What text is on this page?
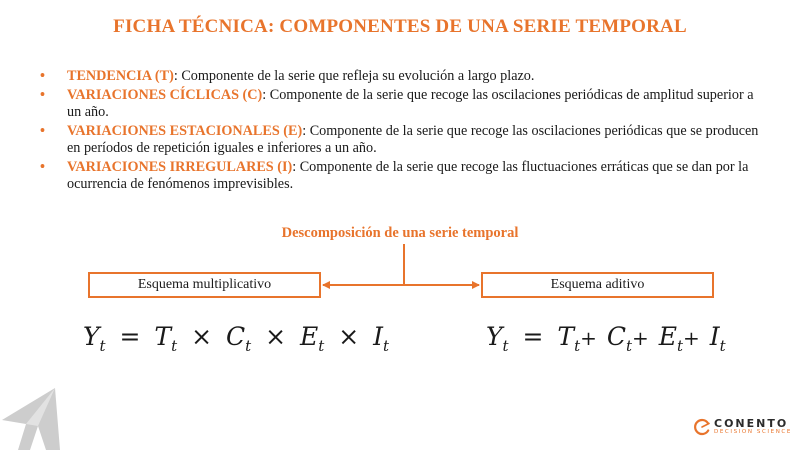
FICHA TÉCNICA: COMPONENTES DE UNA SERIE TEMPORAL
• TENDENCIA (T): Componente de la serie que refleja su evolución a largo plazo.
• VARIACIONES CÍCLICAS (C): Componente de la serie que recoge las oscilaciones periódicas de amplitud superior a un año.
• VARIACIONES ESTACIONALES (E): Componente de la serie que recoge las oscilaciones periódicas que se producen en períodos de repetición iguales e inferiores a un año.
• VARIACIONES IRREGULARES (I): Componente de la serie que recoge las fluctuaciones erráticas que se dan por la ocurrencia de fenómenos imprevisibles.
Descomposición de una serie temporal
Esquema multiplicativo	Esquema aditivo
$Y_t = T_t \times C_t \times E_t \times I_t$	$Y_t = T_t+ C_t+ E_t+ I_t$
CONENTO
DECISION SCIENCE
